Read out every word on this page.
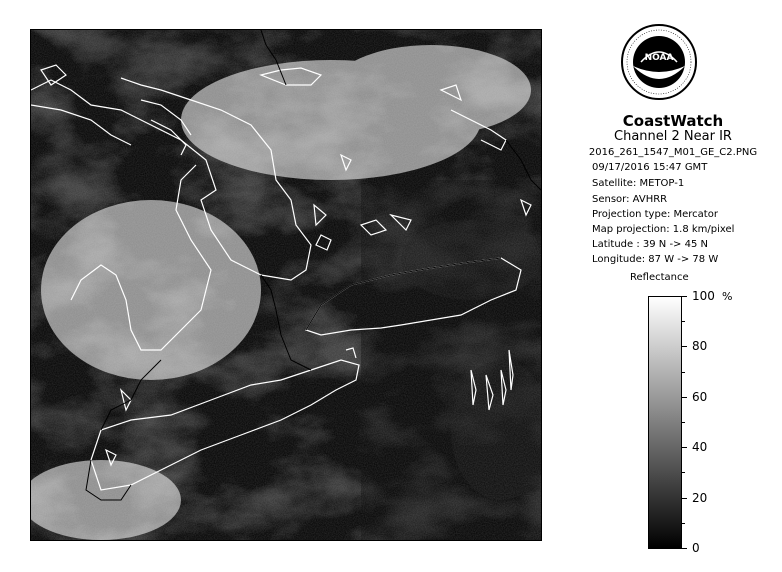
NOAA
CoastWatch
Channel 2 Near IR
2016_261_1547_M01_GE_C2.PNG
09/17/2016 15:47 GMT
Satellite: METOP-1
Sensor: AVHRR
Projection type: Mercator
Map projection: 1.8 km/pixel
Latitude : 39 N -> 45 N
Longitude: 87 W -> 78 W
Reflectance
%
100
80
60
40
20
0
